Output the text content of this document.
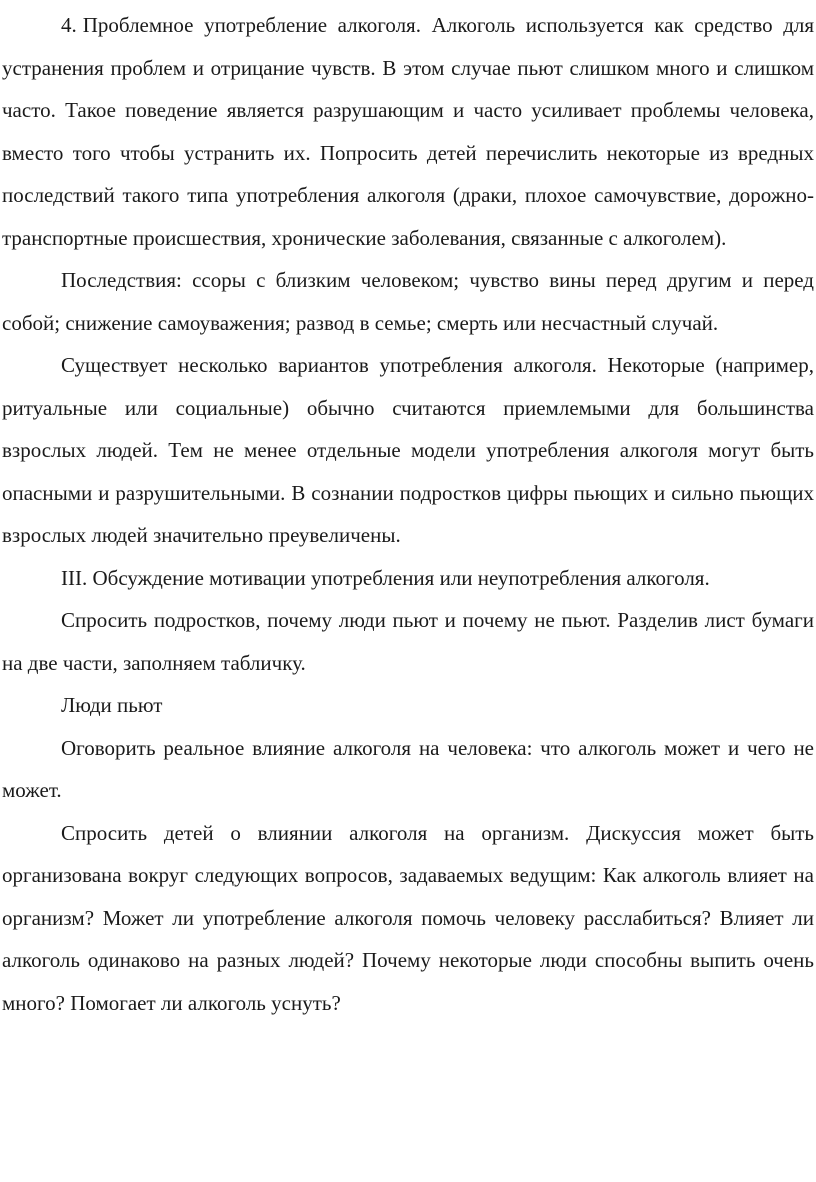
4. Проблемное употребление алкоголя. Алкоголь используется как средство для устранения проблем и отрицание чувств. В этом случае пьют слишком много и слишком часто. Такое поведение является разрушающим и часто усиливает проблемы человека, вместо того чтобы устранить их. Попросить детей перечислить некоторые из вредных последствий такого типа употребления алкоголя (драки, плохое самочувствие, дорожно-транспортные происшествия, хронические заболевания, связанные с алкоголем).

Последствия: ссоры с близким человеком; чувство вины перед другим и перед собой; снижение самоуважения; развод в семье; смерть или несчастный случай.

Существует несколько вариантов употребления алкоголя. Некоторые (например, ритуальные или социальные) обычно считаются приемлемыми для большинства взрослых людей. Тем не менее отдельные модели употребления алкоголя могут быть опасными и разрушительными. В сознании подростков цифры пьющих и сильно пьющих взрослых людей значительно преувеличены.

III. Обсуждение мотивации употребления или неупотребления алкоголя.

Спросить подростков, почему люди пьют и почему не пьют. Разделив лист бумаги на две части, заполняем табличку.

Люди пьют

Оговорить реальное влияние алкоголя на человека: что алкоголь может и чего не может.

Спросить детей о влиянии алкоголя на организм. Дискуссия может быть организована вокруг следующих вопросов, задаваемых ведущим: Как алкоголь влияет на организм? Может ли употребление алкоголя помочь человеку расслабиться? Влияет ли алкоголь одинаково на разных людей? Почему некоторые люди способны выпить очень много? Помогает ли алкоголь уснуть?
